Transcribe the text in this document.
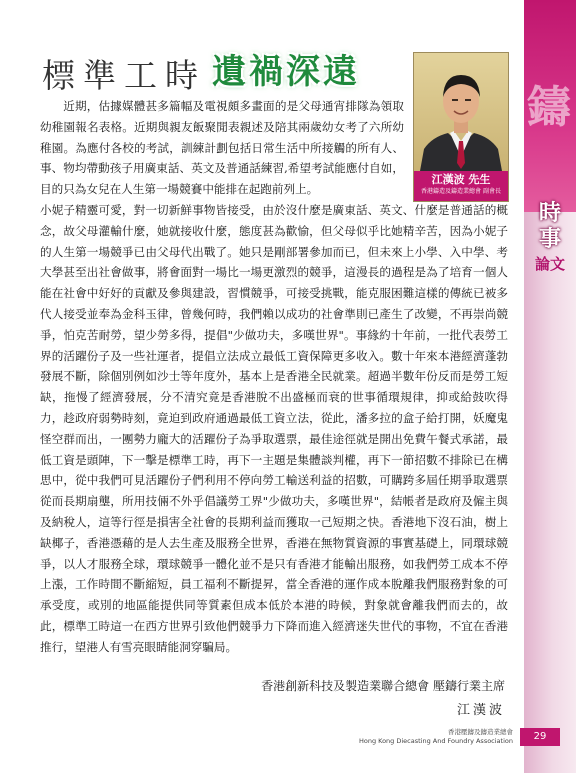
鑄
時事
論文
標準工時 遺禍深遠
江漢波 先生
香港鑄造及鑄造業總會 副會長
近期，估據媒體甚多篇幅及電視頗多畫面的是父母通宵排隊為領取幼稚園報名表格。近期與親友飯聚閒表親述及陪其兩歲幼女考了六所幼稚園。為應付各校的考試，訓練計劃包括日常生活中所接觸的所有人、事、物均帶動孩子用廣東話、英文及普通話練習,希望考試能應付自如，目的只為女兒在人生第一場競賽中能排在起跑前列上。
小妮子精靈可愛，對一切新鮮事物皆接受，由於沒什麼是廣東話、英文、什麼是普通話的概念，故父母灌輸什麼，她就接收什麼，態度甚為歡愉，但父母似乎比她精辛苦，因為小妮子的人生第一場競爭已由父母代出戰了。她只是剛部署參加而已，但未來上小學、入中學、考大學甚至出社會做事，將會面對一場比一場更激烈的競爭，這漫長的過程是為了培育一個人能在社會中好好的貢獻及參與建設，習慣競爭，可接受挑戰，能克服困難這樣的傳統已被多代人接受並奉為金科玉律，曾幾何時，我們賴以成功的社會準則已產生了改變，不再崇尚競爭，怕克苦耐勞，望少勞多得，提倡"少做功夫，多嘆世界"。事緣約十年前，一批代表勞工界的活躍份子及一些社運者，提倡立法成立最低工資保障更多收入。數十年來本港經濟蓬勃發展不斷，除個別例如沙士等年度外，基本上是香港全民就業。超過半數年份反而是勞工短缺，拖慢了經濟發展，分不清究竟是香港脫不出盛極而衰的世事循環規律，抑或給鼓吹得力，趁政府弱勢時刻，竟迫到政府通過最低工資立法，從此，潘多拉的盒子給打開，妖魔鬼怪空群而出，一團勢力龐大的活躍份子為爭取選票，最佳途徑就是開出免費午餐式承諾，最低工資是頭陣，下一擊是標準工時，再下一主題是集體談判權，再下一節招數不排除已在構思中，從中我們可見活躍份子們利用不停向勞工輸送利益的招數，可購跨多屆任期爭取選票從而長期扇壟，所用技倆不外乎倡議勞工界"少做功夫，多嘆世界"，結帳者是政府及僱主與及納稅人，這等行徑是損害全社會的長期利益而獲取一己短期之快。香港地下沒石油，樹上缺椰子，香港憑藉的是人去生產及服務全世界，香港在無物質資源的事實基礎上，同環球競爭，以人才服務全球，環球競爭一體化並不是只有香港才能輸出服務，如我們勞工成本不停上漲，工作時間不斷縮短，員工福利不斷提昇，當全香港的運作成本脫離我們服務對象的可承受度，或別的地區能提供同等質素但成本低於本港的時候，對象就會離我們而去的，故此，標準工時這一在西方世界引致他們競爭力下降而進入經濟迷失世代的事物，不宜在香港推行，望港人有雪亮眼睛能洞穿騙局。
香港創新科技及製造業聯合總會 壓鑄行業主席
江漢波
香港壓鑄及鑄造業總會
Hong Kong Diecasting And Foundry Association	29
